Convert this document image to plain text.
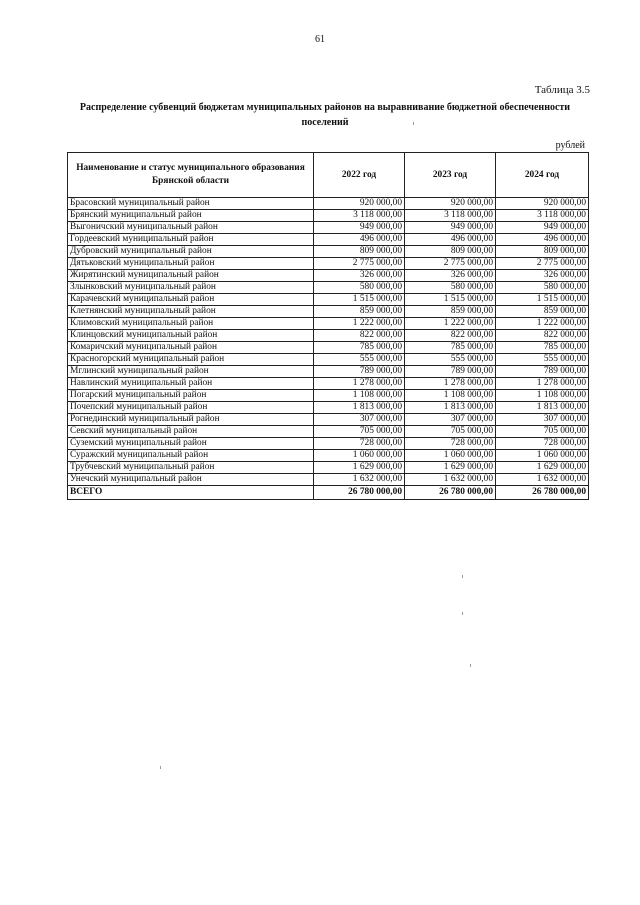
61
Таблица 3.5
Распределение субвенций бюджетам муниципальных районов на выравнивание бюджетной обеспеченности поселений
рублей
Наименование и статус муниципального образования Брянской области	2022 год	2023 год	2024 год
Брасовский муниципальный район	920 000,00	920 000,00	920 000,00
Брянский муниципальный район	3 118 000,00	3 118 000,00	3 118 000,00
Выгоничский муниципальный район	949 000,00	949 000,00	949 000,00
Гордеевский муниципальный район	496 000,00	496 000,00	496 000,00
Дубровский муниципальный район	809 000,00	809 000,00	809 000,00
Дятьковский муниципальный район	2 775 000,00	2 775 000,00	2 775 000,00
Жирятинский муниципальный район	326 000,00	326 000,00	326 000,00
Злынковский муниципальный район	580 000,00	580 000,00	580 000,00
Карачевский муниципальный район	1 515 000,00	1 515 000,00	1 515 000,00
Клетнянский муниципальный район	859 000,00	859 000,00	859 000,00
Климовский муниципальный район	1 222 000,00	1 222 000,00	1 222 000,00
Клинцовский муниципальный район	822 000,00	822 000,00	822 000,00
Комаричский муниципальный район	785 000,00	785 000,00	785 000,00
Красногорский муниципальный район	555 000,00	555 000,00	555 000,00
Мглинский муниципальный район	789 000,00	789 000,00	789 000,00
Навлинский муниципальный район	1 278 000,00	1 278 000,00	1 278 000,00
Погарский муниципальный район	1 108 000,00	1 108 000,00	1 108 000,00
Почепский муниципальный район	1 813 000,00	1 813 000,00	1 813 000,00
Рогнединский муниципальный район	307 000,00	307 000,00	307 000,00
Севский муниципальный район	705 000,00	705 000,00	705 000,00
Суземский муниципальный район	728 000,00	728 000,00	728 000,00
Суражский муниципальный район	1 060 000,00	1 060 000,00	1 060 000,00
Трубчевский муниципальный район	1 629 000,00	1 629 000,00	1 629 000,00
Унечский муниципальный район	1 632 000,00	1 632 000,00	1 632 000,00
ВСЕГО	26 780 000,00	26 780 000,00	26 780 000,00
